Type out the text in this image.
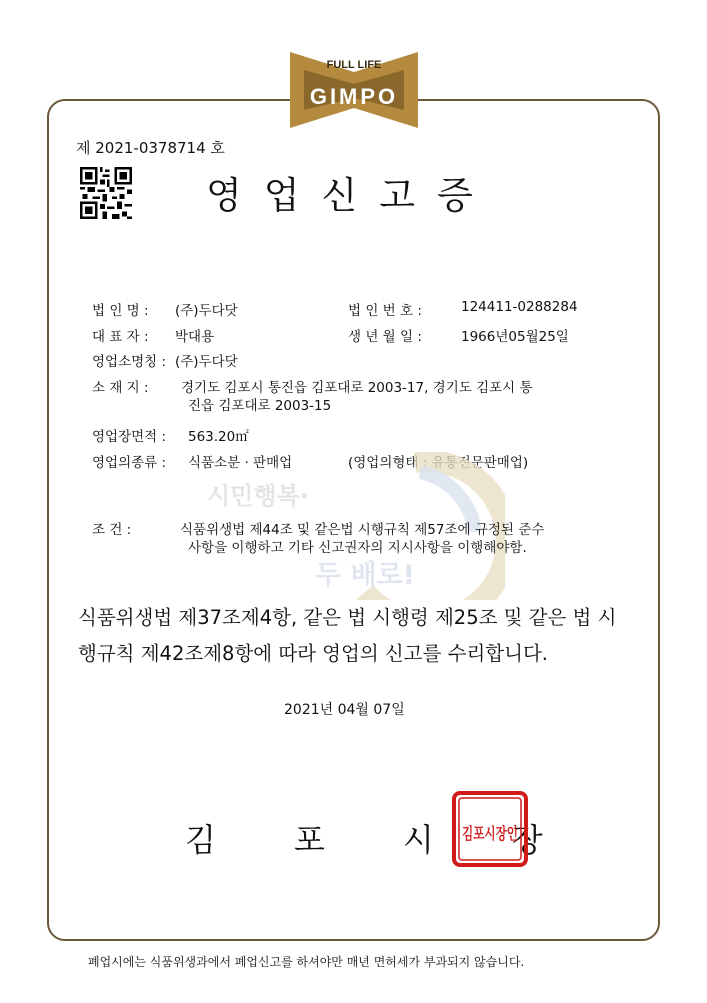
FULL LIFE
GIMPO
제 2021-0378714 호
영업신고증
법 인 명 : (주)두다닷	법 인 번 호 :	124411-0288284
대 표 자 : 박대용	생 년 월 일 :	1966년05월25일
영업소명칭 : (주)두다닷
소 재 지 : 경기도 김포시 통진읍 김포대로 2003-17, 경기도 김포시 통
진읍 김포대로 2003-15
영업장면적 : 563.20㎡
영업의종류 : 식품소분 · 판매업	(영업의형태 : 유통전문판매업)
시민행복·
두 배로!
조 건 :	식품위생법 제44조 및 같은법 시행규칙 제57조에 규정된 준수
사항을 이행하고 기타 신고권자의 지시사항을 이행해야함.
식품위생법 제37조제4항, 같은 법 시행령 제25조 및 같은 법 시행규칙 제42조제8항에 따라 영업의 신고를 수리합니다.
2021년 04월 07일
김포시장
김포시장인
폐업시에는 식품위생과에서 폐업신고를 하셔야만 매년 면허세가 부과되지 않습니다.
